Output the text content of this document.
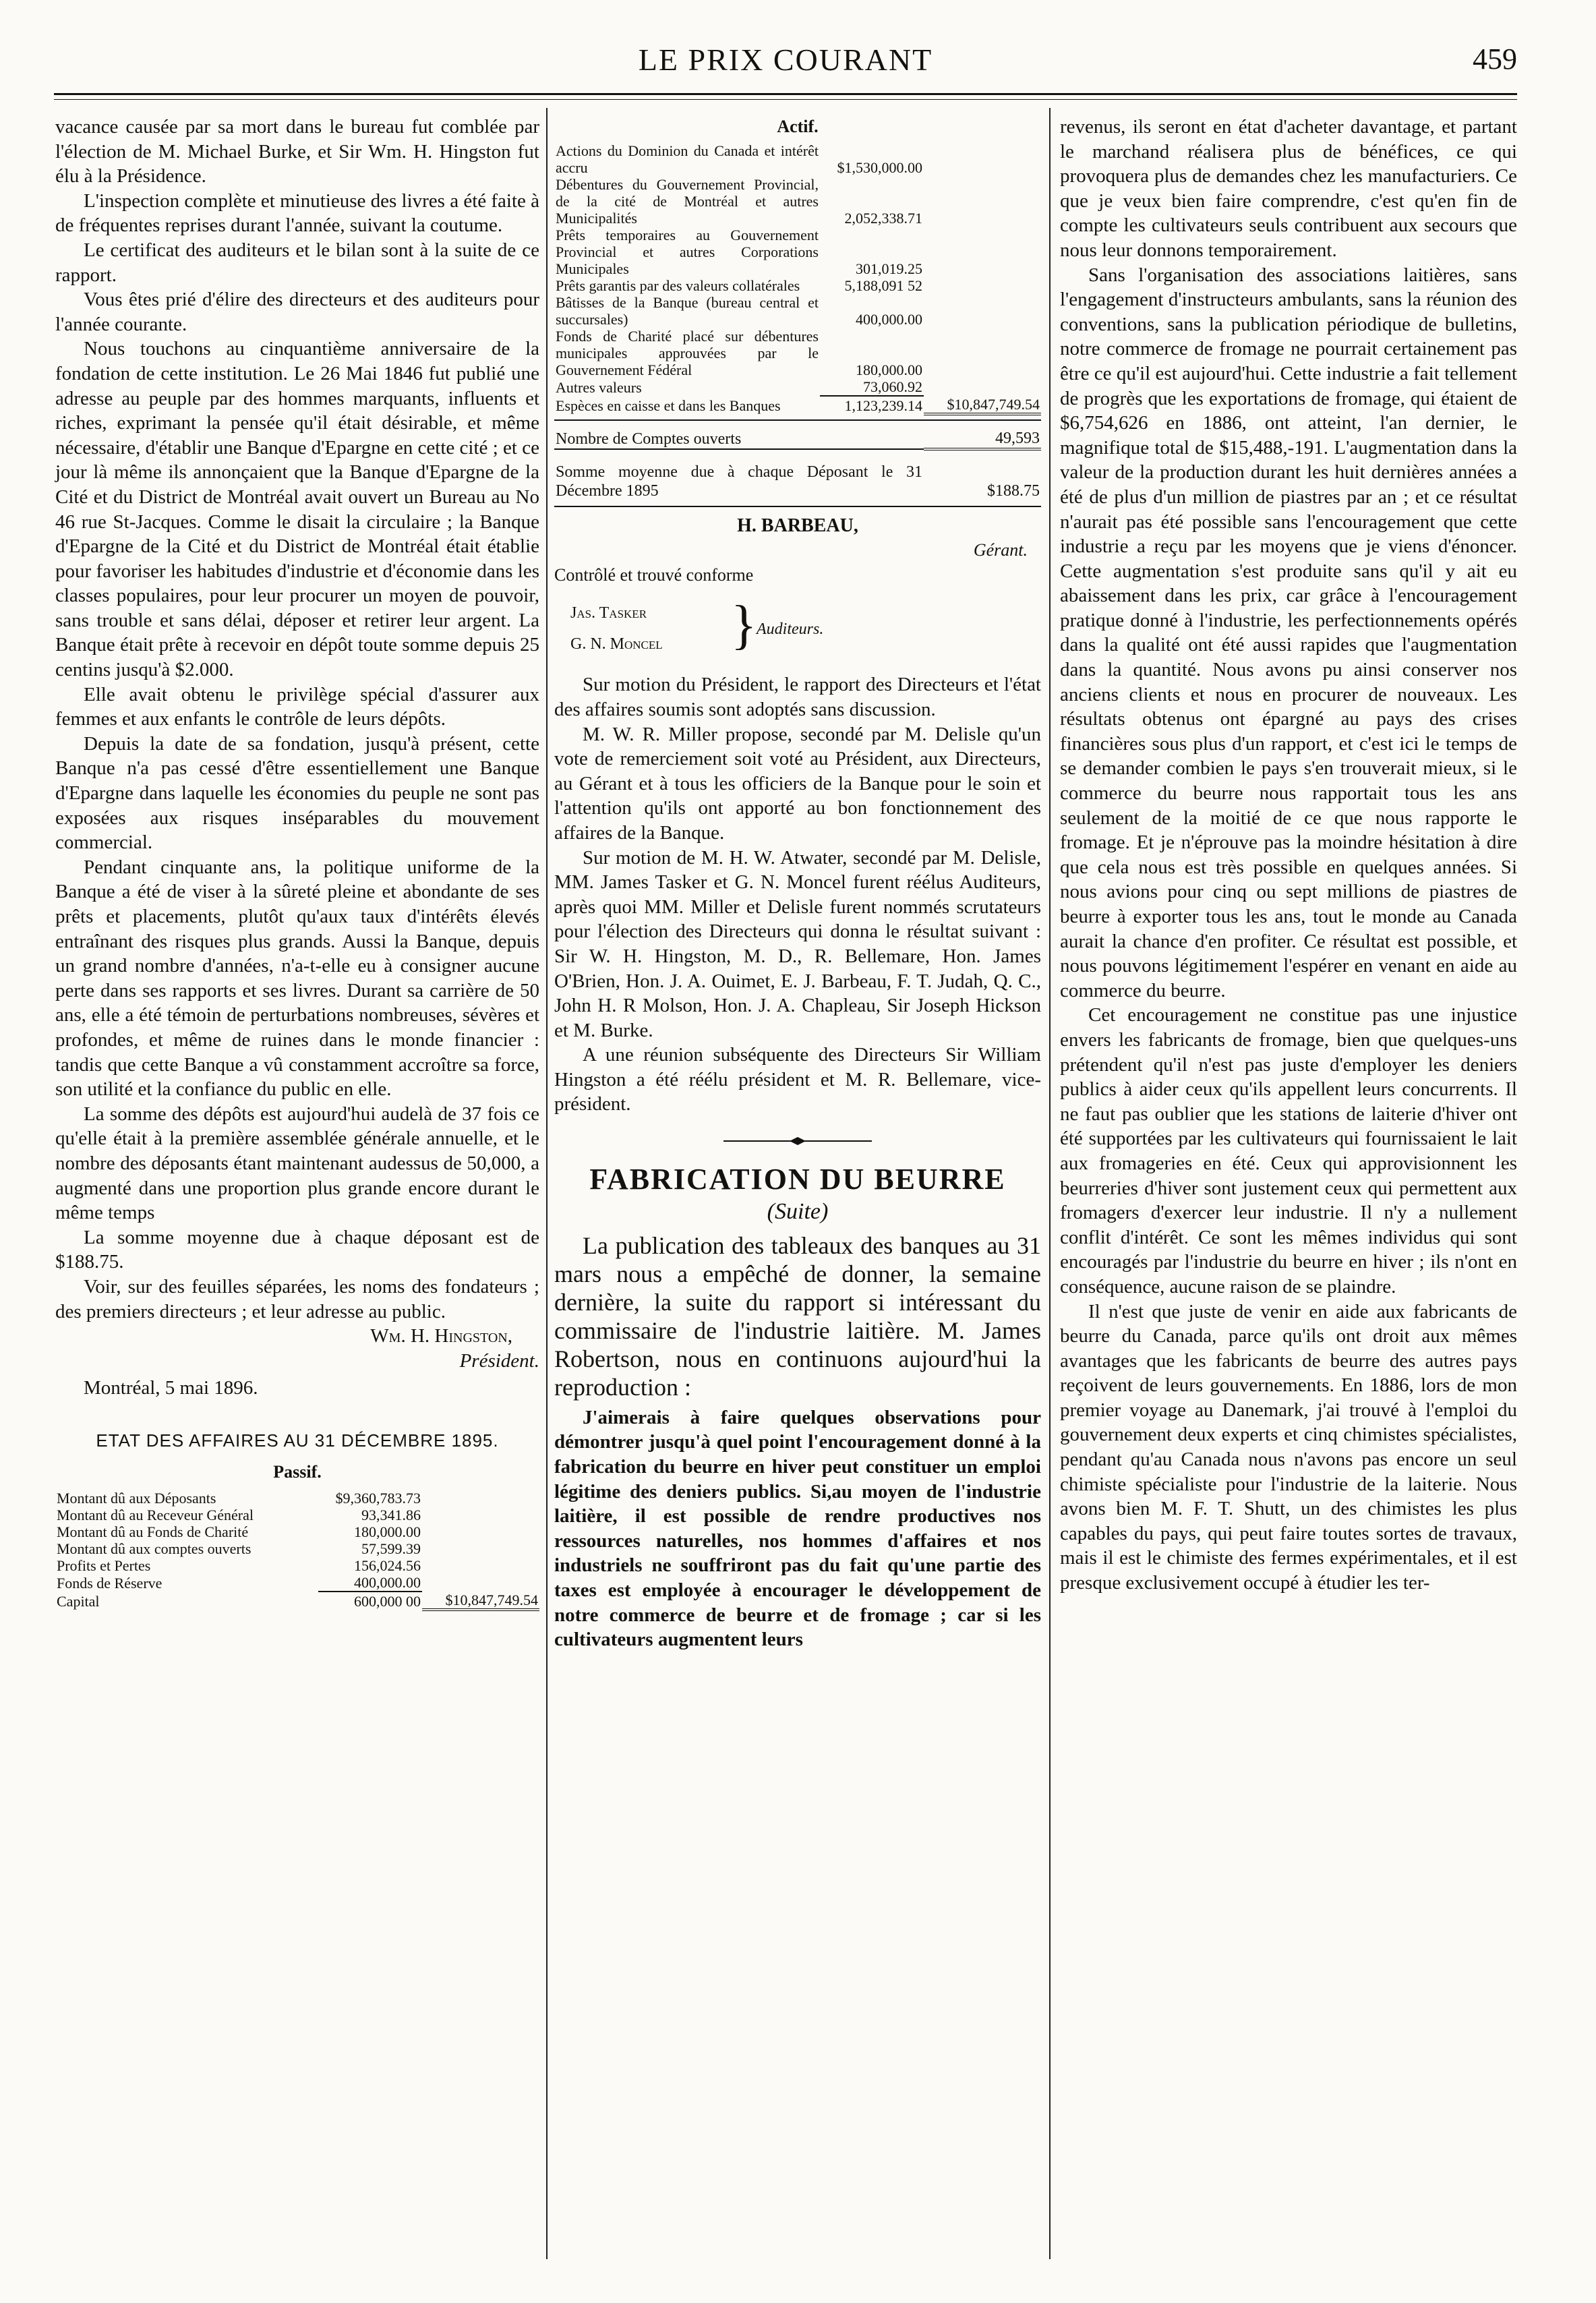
LE PRIX COURANT	459

vacance causée par sa mort dans le bureau fut comblée par l'élection de M. Michael Burke, et Sir Wm. H. Hingston fut élu à la Présidence.

L'inspection complète et minutieuse des livres a été faite à de fréquentes reprises durant l'année, suivant la coutume.

Le certificat des auditeurs et le bilan sont à la suite de ce rapport.

Vous êtes prié d'élire des directeurs et des auditeurs pour l'année courante.

Nous touchons au cinquantième anniversaire de la fondation de cette institution. Le 26 Mai 1846 fut publié une adresse au peuple par des hommes marquants, influents et riches, exprimant la pensée qu'il était désirable, et même nécessaire, d'établir une Banque d'Epargne en cette cité ; et ce jour là même ils annonçaient que la Banque d'Epargne de la Cité et du District de Montréal avait ouvert un Bureau au No 46 rue St-Jacques. Comme le disait la circulaire ; la Banque d'Epargne de la Cité et du District de Montréal était établie pour favoriser les habitudes d'industrie et d'économie dans les classes populaires, pour leur procurer un moyen de pouvoir, sans trouble et sans délai, déposer et retirer leur argent. La Banque était prête à recevoir en dépôt toute somme depuis 25 centins jusqu'à $2.000.

Elle avait obtenu le privilège spécial d'assurer aux femmes et aux enfants le contrôle de leurs dépôts.

Depuis la date de sa fondation, jusqu'à présent, cette Banque n'a pas cessé d'être essentiellement une Banque d'Epargne dans laquelle les économies du peuple ne sont pas exposées aux risques inséparables du mouvement commercial.

Pendant cinquante ans, la politique uniforme de la Banque a été de viser à la sûreté pleine et abondante de ses prêts et placements, plutôt qu'aux taux d'intérêts élevés entraînant des risques plus grands. Aussi la Banque, depuis un grand nombre d'années, n'a-t-elle eu à consigner aucune perte dans ses rapports et ses livres. Durant sa carrière de 50 ans, elle a été témoin de perturbations nombreuses, sévères et profondes, et même de ruines dans le monde financier : tandis que cette Banque a vû constamment accroître sa force, son utilité et la confiance du public en elle.

La somme des dépôts est aujourd'hui audelà de 37 fois ce qu'elle était à la première assemblée générale annuelle, et le nombre des déposants étant maintenant audessus de 50,000, a augmenté dans une proportion plus grande encore durant le même temps

La somme moyenne due à chaque déposant est de $188.75.

Voir, sur des feuilles séparées, les noms des fondateurs ; des premiers directeurs ; et leur adresse au public.

Wm. H. Hingston,

Président.

Montréal, 5 mai 1896.

ETAT DES AFFAIRES AU 31 DÉCEMBRE 1895.
Passif.
Montant dû aux Déposants	$9,360,783.73	
Montant dû au Receveur Général	93,341.86	
Montant dû au Fonds de Charité	180,000.00	
Montant dû aux comptes ouverts	57,599.39	
Profits et Pertes	156,024.56	
Fonds de Réserve	400,000.00	
Capital	600,000 00	$10,847,749.54
Actif.
Actions du Dominion du Canada et intérêt accru	$1,530,000.00	
Débentures du Gouvernement Provincial, de la cité de Montréal et autres Municipalités	2,052,338.71	
Prêts temporaires au Gouvernement Provincial et autres Corporations Municipales	301,019.25	
Prêts garantis par des valeurs collatérales	5,188,091 52	
Bâtisses de la Banque (bureau central et succursales)	400,000.00	
Fonds de Charité placé sur débentures municipales approuvées par le Gouvernement Fédéral	180,000.00	
Autres valeurs	73,060.92	
Espèces en caisse et dans les Banques	1,123,239.14	$10,847,749.54
Nombre de Comptes ouverts	49,593

Somme moyenne due à chaque Déposant le 31 Décembre 1895	$188.75
H. BARBEAU,
Gérant.
Contrôlé et trouvé conforme
Jas. Tasker
G. N. Moncel } Auditeurs.

Sur motion du Président, le rapport des Directeurs et l'état des affaires soumis sont adoptés sans discussion.

M. W. R. Miller propose, secondé par M. Delisle qu'un vote de remerciement soit voté au Président, aux Directeurs, au Gérant et à tous les officiers de la Banque pour le soin et l'attention qu'ils ont apporté au bon fonctionnement des affaires de la Banque.

Sur motion de M. H. W. Atwater, secondé par M. Delisle, MM. James Tasker et G. N. Moncel furent réélus Auditeurs, après quoi MM. Miller et Delisle furent nommés scrutateurs pour l'élection des Directeurs qui donna le résultat suivant : Sir W. H. Hingston, M. D., R. Bellemare, Hon. James O'Brien, Hon. J. A. Ouimet, E. J. Barbeau, F. T. Judah, Q. C., John H. R Molson, Hon. J. A. Chapleau, Sir Joseph Hickson et M. Burke.

A une réunion subséquente des Directeurs Sir William Hingston a été réélu président et M. R. Bellemare, vice-président.

FABRICATION DU BEURRE
(Suite)

La publication des tableaux des banques au 31 mars nous a empêché de donner, la semaine dernière, la suite du rapport si intéressant du commissaire de l'industrie laitière. M. James Robertson, nous en continuons aujourd'hui la reproduction :

J'aimerais à faire quelques observations pour démontrer jusqu'à quel point l'encouragement donné à la fabrication du beurre en hiver peut constituer un emploi légitime des deniers publics. Si,au moyen de l'industrie laitière, il est possible de rendre productives nos ressources naturelles, nos hommes d'affaires et nos industriels ne souffriront pas du fait qu'une partie des taxes est employée à encourager le développement de notre commerce de beurre et de fromage ; car si les cultivateurs augmentent leurs

revenus, ils seront en état d'acheter davantage, et partant le marchand réalisera plus de bénéfices, ce qui provoquera plus de demandes chez les manufacturiers. Ce que je veux bien faire comprendre, c'est qu'en fin de compte les cultivateurs seuls contribuent aux secours que nous leur donnons temporairement.

Sans l'organisation des associations laitières, sans l'engagement d'instructeurs ambulants, sans la réunion des conventions, sans la publication périodique de bulletins, notre commerce de fromage ne pourrait certainement pas être ce qu'il est aujourd'hui. Cette industrie a fait tellement de progrès que les exportations de fromage, qui étaient de $6,754,626 en 1886, ont atteint, l'an dernier, le magnifique total de $15,488,-191. L'augmentation dans la valeur de la production durant les huit dernières années a été de plus d'un million de piastres par an ; et ce résultat n'aurait pas été possible sans l'encouragement que cette industrie a reçu par les moyens que je viens d'énoncer. Cette augmentation s'est produite sans qu'il y ait eu abaissement dans les prix, car grâce à l'encouragement pratique donné à l'industrie, les perfectionnements opérés dans la qualité ont été aussi rapides que l'augmentation dans la quantité. Nous avons pu ainsi conserver nos anciens clients et nous en procurer de nouveaux. Les résultats obtenus ont épargné au pays des crises financières sous plus d'un rapport, et c'est ici le temps de se demander combien le pays s'en trouverait mieux, si le commerce du beurre nous rapportait tous les ans seulement de la moitié de ce que nous rapporte le fromage. Et je n'éprouve pas la moindre hésitation à dire que cela nous est très possible en quelques années. Si nous avions pour cinq ou sept millions de piastres de beurre à exporter tous les ans, tout le monde au Canada aurait la chance d'en profiter. Ce résultat est possible, et nous pouvons légitimement l'espérer en venant en aide au commerce du beurre.

Cet encouragement ne constitue pas une injustice envers les fabricants de fromage, bien que quelques-uns prétendent qu'il n'est pas juste d'employer les deniers publics à aider ceux qu'ils appellent leurs concurrents. Il ne faut pas oublier que les stations de laiterie d'hiver ont été supportées par les cultivateurs qui fournissaient le lait aux fromageries en été. Ceux qui approvisionnent les beurreries d'hiver sont justement ceux qui permettent aux fromagers d'exercer leur industrie. Il n'y a nullement conflit d'intérêt. Ce sont les mêmes individus qui sont encouragés par l'industrie du beurre en hiver ; ils n'ont en conséquence, aucune raison de se plaindre.

Il n'est que juste de venir en aide aux fabricants de beurre du Canada, parce qu'ils ont droit aux mêmes avantages que les fabricants de beurre des autres pays reçoivent de leurs gouvernements. En 1886, lors de mon premier voyage au Danemark, j'ai trouvé à l'emploi du gouvernement deux experts et cinq chimistes spécialistes, pendant qu'au Canada nous n'avons pas encore un seul chimiste spécialiste pour l'industrie de la laiterie. Nous avons bien M. F. T. Shutt, un des chimistes les plus capables du pays, qui peut faire toutes sortes de travaux, mais il est le chimiste des fermes expérimentales, et il est presque exclusivement occupé à étudier les ter-
